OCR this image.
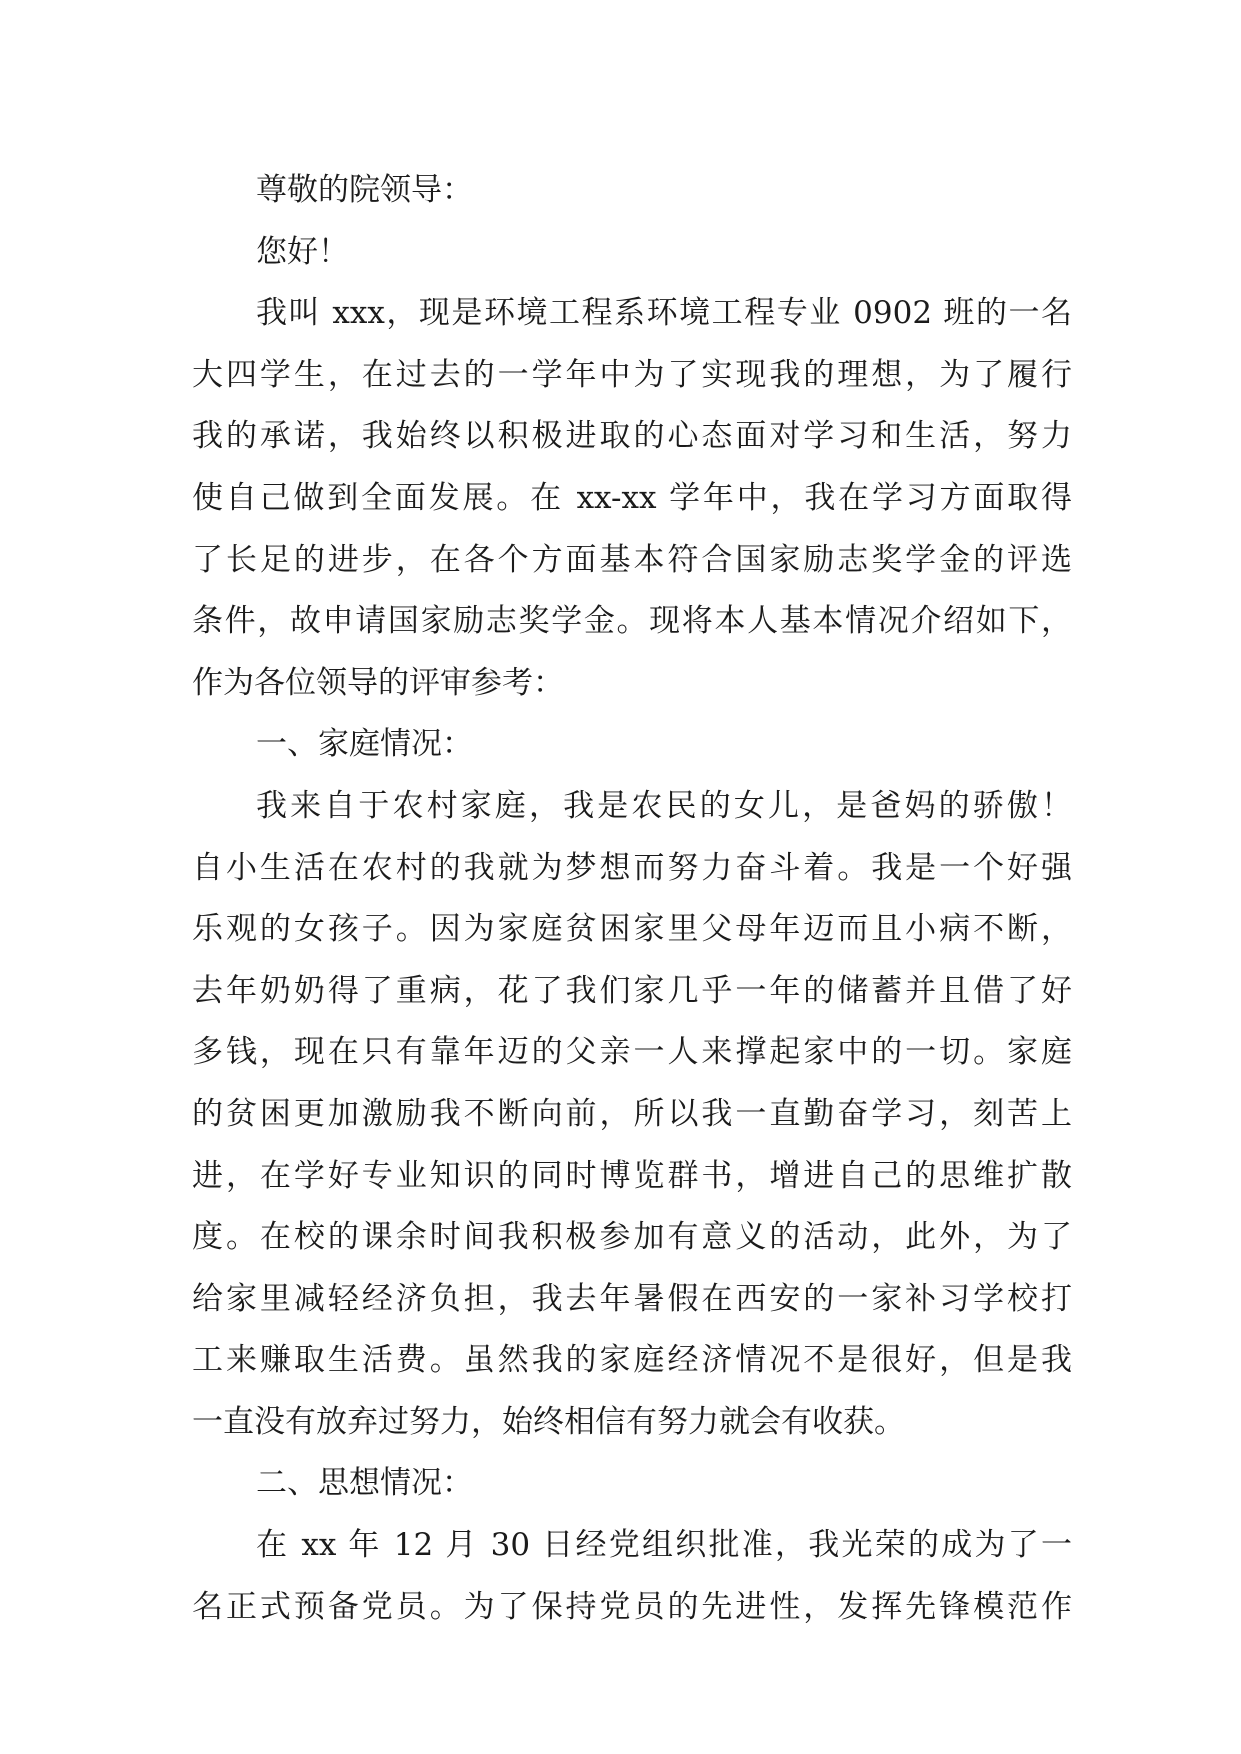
尊敬的院领导：
您好！
我叫 xxx，现是环境工程系环境工程专业 0902 班的一名
大四学生，在过去的一学年中为了实现我的理想，为了履行
我的承诺，我始终以积极进取的心态面对学习和生活，努力
使自己做到全面发展。在 xx-xx 学年中，我在学习方面取得
了长足的进步，在各个方面基本符合国家励志奖学金的评选
条件，故申请国家励志奖学金。现将本人基本情况介绍如下，
作为各位领导的评审参考：
一、家庭情况：
我来自于农村家庭，我是农民的女儿，是爸妈的骄傲！
自小生活在农村的我就为梦想而努力奋斗着。我是一个好强
乐观的女孩子。因为家庭贫困家里父母年迈而且小病不断，
去年奶奶得了重病，花了我们家几乎一年的储蓄并且借了好
多钱，现在只有靠年迈的父亲一人来撑起家中的一切。家庭
的贫困更加激励我不断向前，所以我一直勤奋学习，刻苦上
进，在学好专业知识的同时博览群书，增进自己的思维扩散
度。在校的课余时间我积极参加有意义的活动，此外，为了
给家里减轻经济负担，我去年暑假在西安的一家补习学校打
工来赚取生活费。虽然我的家庭经济情况不是很好，但是我
一直没有放弃过努力，始终相信有努力就会有收获。
二、思想情况：
在 xx 年 12 月 30 日经党组织批准，我光荣的成为了一
名正式预备党员。为了保持党员的先进性，发挥先锋模范作
